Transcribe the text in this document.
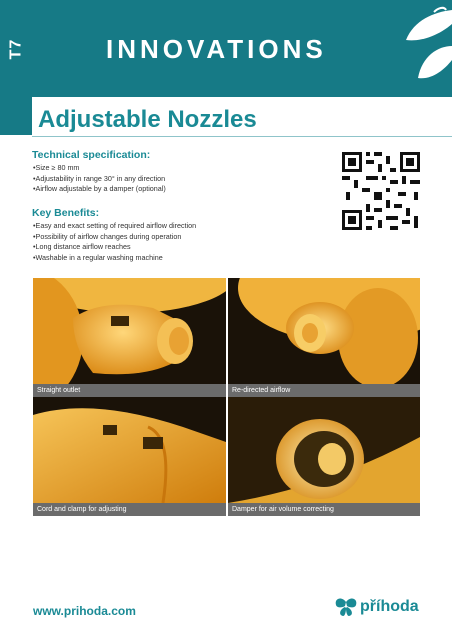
T7	INNOVATIONS
Adjustable Nozzles
Technical specification:
• Size ≥ 80 mm
• Adjustability in range 30° in any direction
• Airflow adjustable by a damper (optional)
Key Benefits:
• Easy and exact setting of required airflow direction
• Possibility of airflow changes during operation
• Long distance airflow reaches
• Washable in a regular washing machine
Straight outlet	Re-directed airflow
Cord and clamp for adjusting	Damper for air volume correcting
www.prihoda.com	příhoda
